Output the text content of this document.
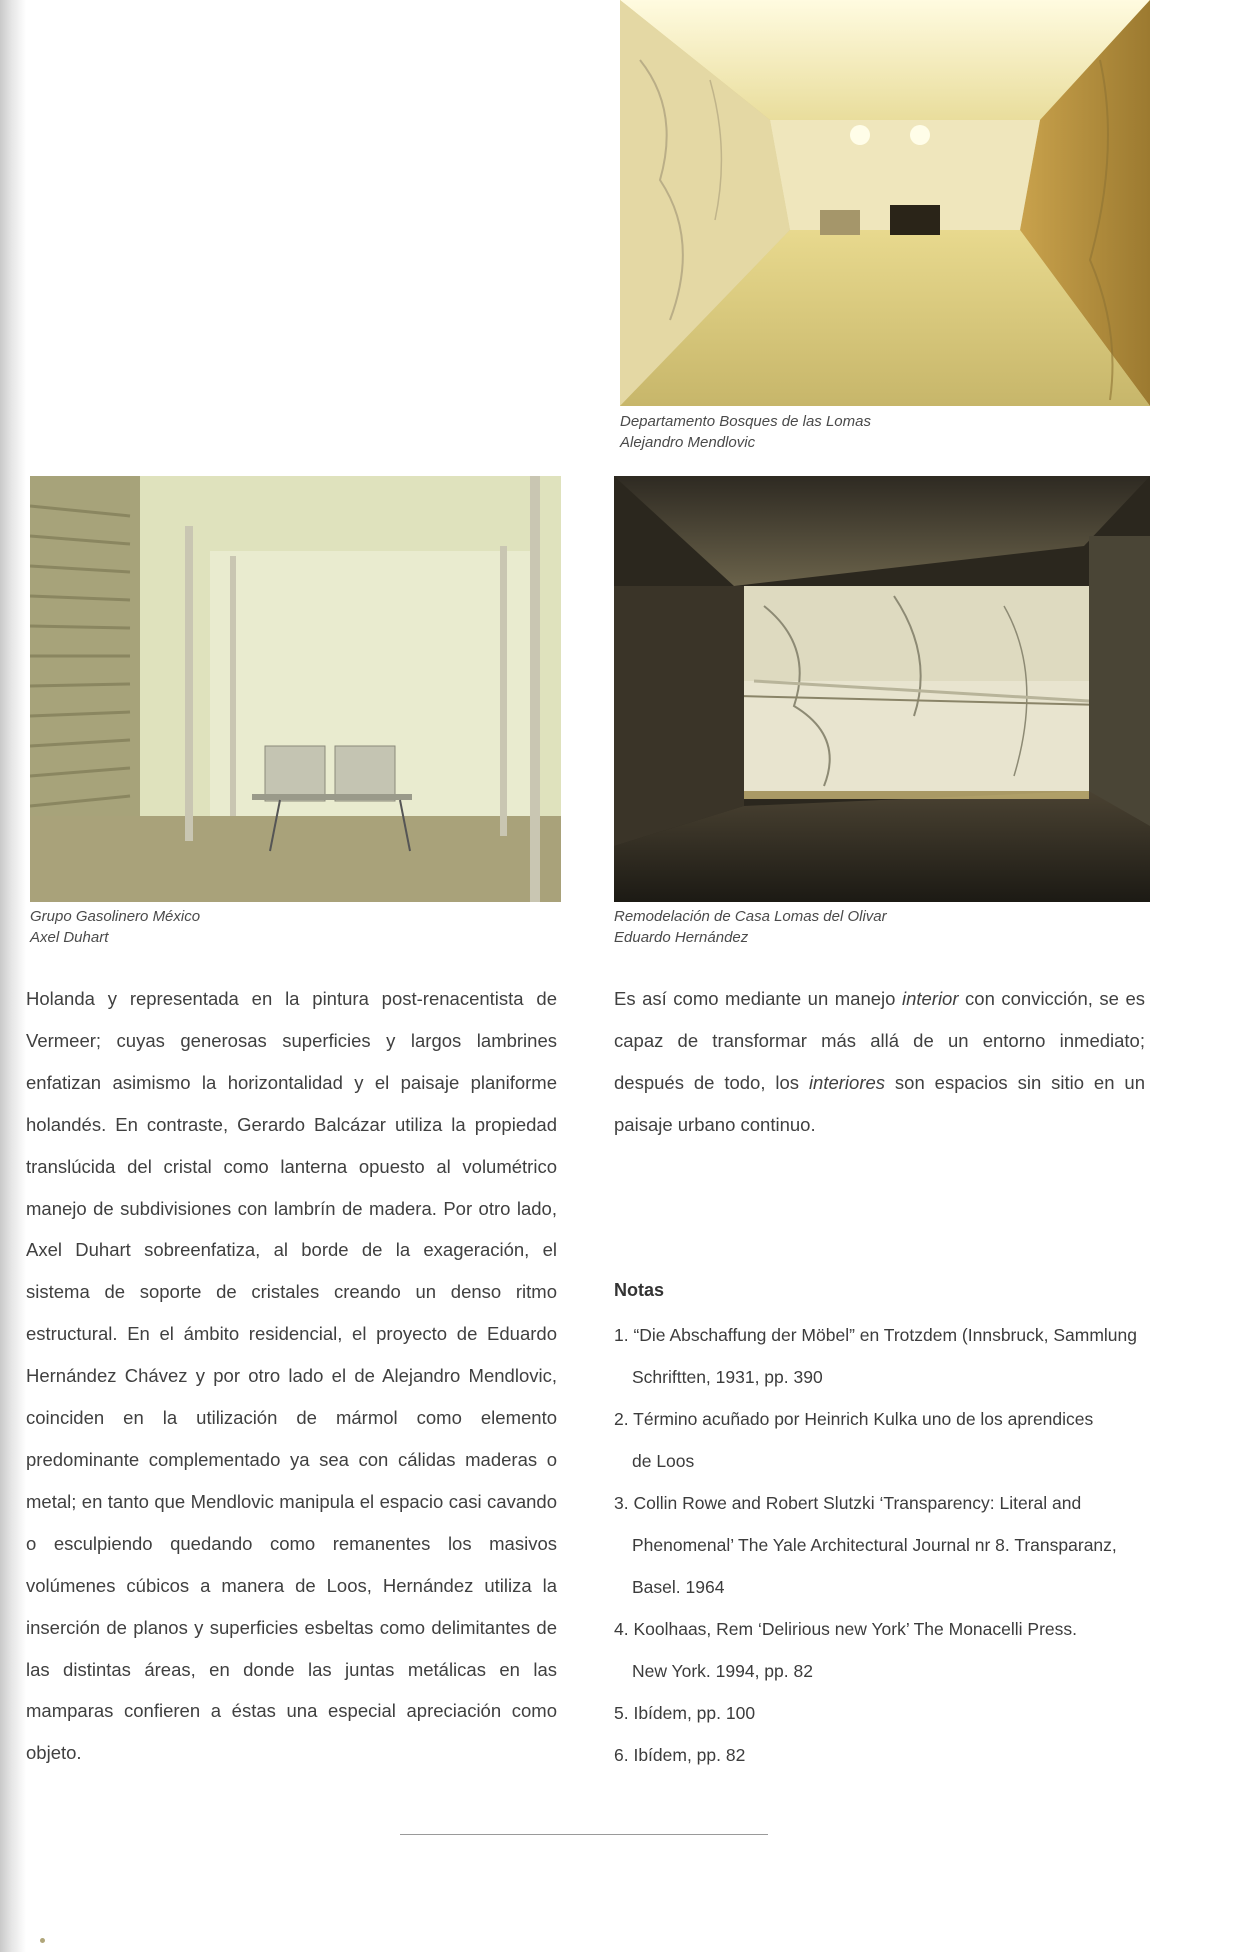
Departamento Bosques de las Lomas
Alejandro Mendlovic

Grupo Gasolinero México
Axel Duhart

Remodelación de Casa Lomas del Olivar
Eduardo Hernández

Holanda y representada en la pintura post-renacentista de Vermeer; cuyas generosas superficies y largos lambrines enfatizan asimismo la horizontalidad y el paisaje planiforme holandés. En contraste, Gerardo Balcázar utiliza la propiedad translúcida del cristal como lanterna opuesto al volumétrico manejo de subdivisiones con lambrín de madera. Por otro lado, Axel Duhart sobreenfatiza, al borde de la exageración, el sistema de soporte de cristales creando un denso ritmo estructural. En el ámbito residencial, el proyecto de Eduardo Hernández Chávez y por otro lado el de Alejandro Mendlovic, coinciden en la utilización de mármol como elemento predominante complementado ya sea con cálidas maderas o metal; en tanto que Mendlovic manipula el espacio casi cavando o esculpiendo quedando como remanentes los masivos volúmenes cúbicos a manera de Loos, Hernández utiliza la inserción de planos y superficies esbeltas como delimitantes de las distintas áreas, en donde las juntas metálicas en las mamparas confieren a éstas una especial apreciación como objeto.

Es así como mediante un manejo interior con convicción, se es capaz de transformar más allá de un entorno inmediato; después de todo, los interiores son espacios sin sitio en un paisaje urbano continuo.

Notas
1. “Die Abschaffung der Möbel” en Trotzdem (Innsbruck, Sammlung
Schriftten, 1931, pp. 390
2. Término acuñado por Heinrich Kulka uno de los aprendices
de Loos
3. Collin Rowe and Robert Slutzki ‘Transparency: Literal and
Phenomenal’ The Yale Architectural Journal nr 8. Transparanz,
Basel. 1964
4. Koolhaas, Rem ‘Delirious new York’ The Monacelli Press.
New York. 1994, pp. 82
5. Ibídem, pp. 100
6. Ibídem, pp. 82
